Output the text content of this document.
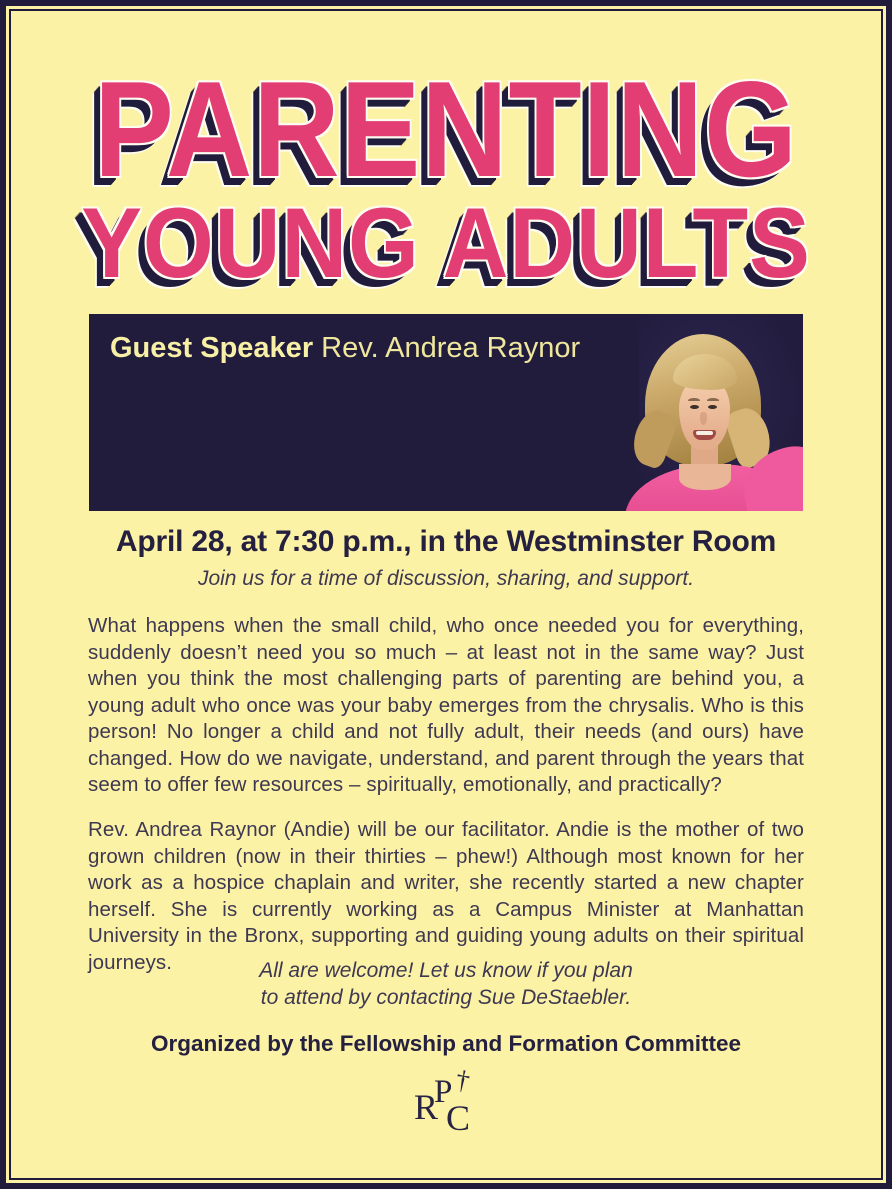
PARENTING
YOUNG ADULTS

Guest Speaker Rev. Andrea Raynor

April 28, at 7:30 p.m., in the Westminster Room

Join us for a time of discussion, sharing, and support.

What happens when the small child, who once needed you for everything, suddenly doesn’t need you so much – at least not in the same way? Just when you think the most challenging parts of parenting are behind you, a young adult who once was your baby emerges from the chrysalis. Who is this person! No longer a child and not fully adult, their needs (and ours) have changed. How do we navigate, understand, and parent through the years that seem to offer few resources – spiritually, emotionally, and practically?

Rev. Andrea Raynor (Andie) will be our facilitator. Andie is the mother of two grown children (now in their thirties – phew!) Although most known for her work as a hospice chaplain and writer, she recently started a new chapter herself. She is currently working as a Campus Minister at Manhattan University in the Bronx, supporting and guiding young adults on their spiritual journeys.	All are welcome! Let us know if you plan
to attend by contacting Sue DeStaebler.

Organized by the Fellowship and Formation Committee

P
R C
†
